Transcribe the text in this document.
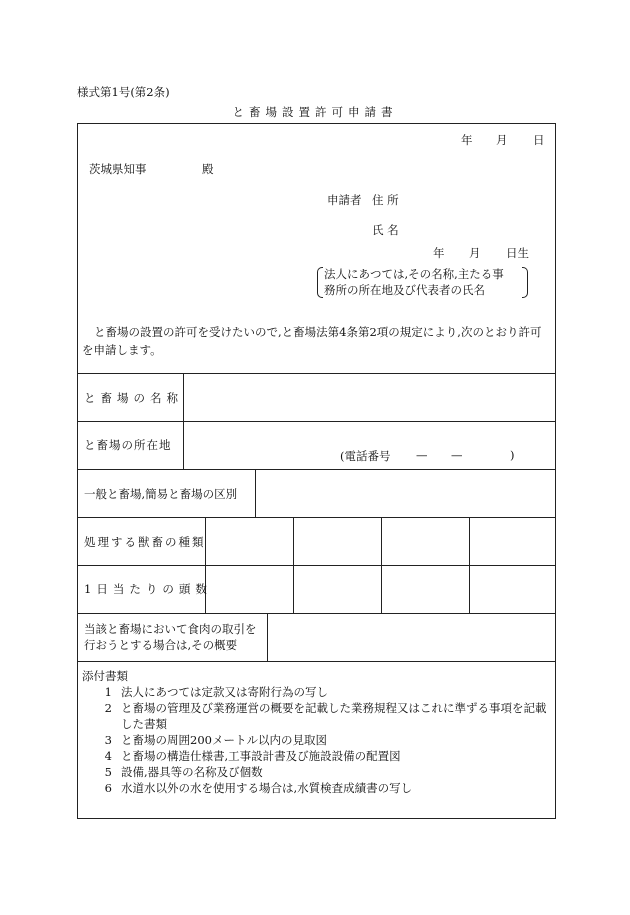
様式第1号(第2条)
と畜場設置許可申請書
年 月 日
茨城県知事	殿
申請者 住 所
氏 名
年 月 日生
法人にあつては,その名称,主たる事
務所の所在地及び代表者の氏名
と畜場の設置の許可を受けたいので,と畜場法第4条第2項の規定により,次のとおり許可を申請します。
と畜場の名称
と畜場の所在地
(電話番号 — —	)
一般と畜場,簡易と畜場の区別
処理する獣畜の種類
1日当たりの頭数
当該と畜場において食肉の取引を
行おうとする場合は,その概要
添付書類
1 法人にあつては定款又は寄附行為の写し
2 と畜場の管理及び業務運営の概要を記載した業務規程又はこれに準ずる事項を記載した書類
3 と畜場の周囲200メートル以内の見取図
4 と畜場の構造仕様書,工事設計書及び施設設備の配置図
5 設備,器具等の名称及び個数
6 水道水以外の水を使用する場合は,水質検査成績書の写し
